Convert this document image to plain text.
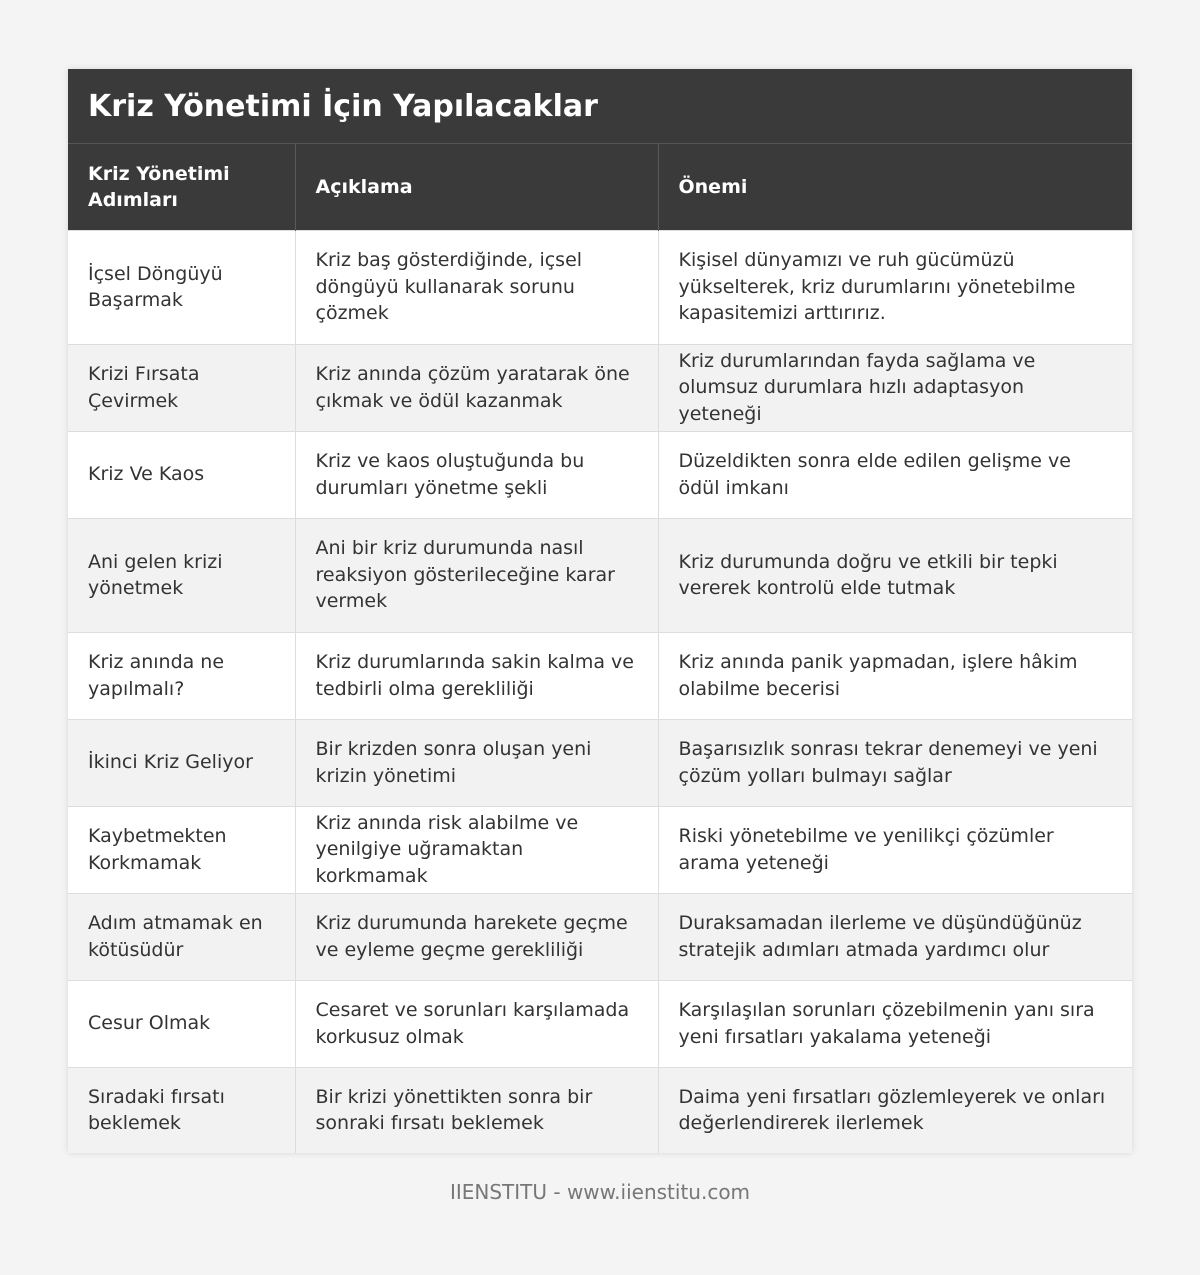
Kriz Yönetimi İçin Yapılacaklar
Kriz Yönetimi Adımları	Açıklama	Önemi
İçsel Döngüyü Başarmak	Kriz baş gösterdiğinde, içsel döngüyü kullanarak sorunu çözmek	Kişisel dünyamızı ve ruh gücümüzü yükselterek, kriz durumlarını yönetebilme kapasitemizi arttırırız.
Krizi Fırsata Çevirmek	Kriz anında çözüm yaratarak öne çıkmak ve ödül kazanmak	Kriz durumlarından fayda sağlama ve olumsuz durumlara hızlı adaptasyon yeteneği
Kriz Ve Kaos	Kriz ve kaos oluştuğunda bu durumları yönetme şekli	Düzeldikten sonra elde edilen gelişme ve ödül imkanı
Ani gelen krizi yönetmek	Ani bir kriz durumunda nasıl reaksiyon gösterileceğine karar vermek	Kriz durumunda doğru ve etkili bir tepki vererek kontrolü elde tutmak
Kriz anında ne yapılmalı?	Kriz durumlarında sakin kalma ve tedbirli olma gerekliliği	Kriz anında panik yapmadan, işlere hâkim olabilme becerisi
İkinci Kriz Geliyor	Bir krizden sonra oluşan yeni krizin yönetimi	Başarısızlık sonrası tekrar denemeyi ve yeni çözüm yolları bulmayı sağlar
Kaybetmekten Korkmamak	Kriz anında risk alabilme ve yenilgiye uğramaktan korkmamak	Riski yönetebilme ve yenilikçi çözümler arama yeteneği
Adım atmamak en kötüsüdür	Kriz durumunda harekete geçme ve eyleme geçme gerekliliği	Duraksamadan ilerleme ve düşündüğünüz stratejik adımları atmada yardımcı olur
Cesur Olmak	Cesaret ve sorunları karşılamada korkusuz olmak	Karşılaşılan sorunları çözebilmenin yanı sıra yeni fırsatları yakalama yeteneği
Sıradaki fırsatı beklemek	Bir krizi yönettikten sonra bir sonraki fırsatı beklemek	Daima yeni fırsatları gözlemleyerek ve onları değerlendirerek ilerlemek
IIENSTITU - www.iienstitu.com
